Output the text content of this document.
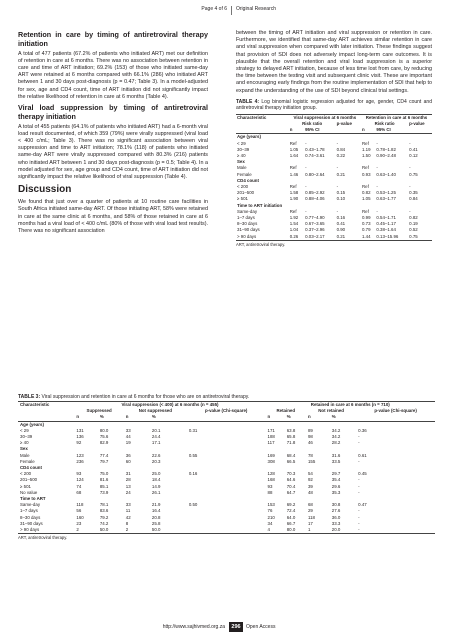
Page 4 of 6 Original Research
Retention in care by timing of antiretroviral therapy initiation

A total of 477 patients (67.2% of patients who initiated ART) met our definition of retention in care at 6 months. There was no association between retention in care and time of ART initiation; 69.2% (153) of those who initiated same-day ART were retained at 6 months compared with 66.1% (286) who initiated ART between 1 and 30 days post-diagnosis (p = 0.47; Table 3). In a model-adjusted for sex, age and CD4 count, time of ART initiation did not significantly impact the relative likelihood of retention in care at 6 months (Table 4).

Viral load suppression by timing of antiretroviral therapy initiation

A total of 455 patients (64.1% of patients who initiated ART) had a 6-month viral load result documented, of which 359 (79%) were virally suppressed (viral load < 400 c/mL; Table 3). There was no significant association between viral suppression and time to ART initiation; 78.1% (118) of patients who initiated same-day ART were virally suppressed compared with 80.3% (216) patients who initiated ART between 1 and 30 days post-diagnosis (p = 0.5; Table 4). In a model adjusted for sex, age group and CD4 count, time of ART initiation did not significantly impact the relative likelihood of viral suppression (Table 4).

Discussion

We found that just over a quarter of patients at 10 routine care facilities in South Africa initiated same-day ART. Of those initiating ART, 58% were retained in care at the same clinic at 6 months, and 58% of those retained in care at 6 months had a viral load of < 400 c/mL (80% of those with viral load test results). There was no significant association

between the timing of ART initiation and viral suppression or retention in care. Furthermore, we identified that same-day ART achieves similar retention in care and viral suppression when compared with later initiation. These findings suggest that provision of SDI does not adversely impact long-term care outcomes. It is plausible that the overall retention and viral load suppression is a superior strategy to delayed ART initiation, because of less time lost from care, by reducing the time between the testing visit and subsequent clinic visit. These are important and encouraging early findings from the routine implementation of SDI that help to expand the understanding of the use of SDI beyond clinical trial settings.

TABLE 4: Log binomial logistic regression adjusted for age, gender, CD4 count and antiretroviral therapy initiation group.
Characteristic	Viral suppression at 6 months			Retention in care at 6 months		
	Risk ratio		p-value	Risk ratio		p-value
	n	95% CI		n	95% CI	
Age (years)						
< 29	Ref	-	-	Ref	-	-
30–39	1.05	0.43–1.78	0.84	1.19	0.78–1.82	0.41
≥ 40	1.64	0.74–3.61	0.22	1.50	0.90–2.48	0.12
Sex						
Male	Ref	-	-	Ref	-	-
Female	1.46	0.80–2.64	0.21	0.93	0.63–1.40	0.75
CD4 count						
< 200	Ref	-	-	Ref	-	-
201–500	1.58	0.85–2.92	0.15	0.82	0.53–1.25	0.35
≥ 501	1.90	0.88–4.06	0.10	1.05	0.63–1.77	0.84
Time to ART initiation						
Same-day	Ref	-	-	Ref	-	-
1–7 days	1.92	0.77–4.90	0.16	0.99	0.54–1.71	0.82
8–30 days	1.54	0.67–3.65	0.41	0.73	0.45–1.17	0.19
31–90 days	1.04	0.37–2.96	0.90	0.79	0.38–1.64	0.52
> 90 days	0.26	0.03–2.17	0.21	1.44	0.13–15.96	0.75
ART, antiretroviral therapy.
TABLE 3: Viral suppression and retention in care at 6 months for those who are on antiretroviral therapy.
Characteristic	Viral suppression (< 400) at 6 months (n = 455)					Retained in care at 6 months (n = 710)				
	Suppressed		Not suppressed		p-value (Chi-square)	Retained		Not retained		p-value (Chi-square)
	n	%	n	%		n	%	n	%	
Age (years)										
< 29	131	80.0	33	20.1	0.31	171	63.8	89	34.2	0.36
30–39	136	75.6	44	24.4		188	65.8	98	34.2	-
≥ 40	92	82.9	19	17.1		117	71.8	46	28.2	-
Sex										
Male	123	77.4	36	22.6	0.55	169	68.4	78	31.6	0.61
Female	236	79.7	60	20.3		308	66.5	155	33.5	-
CD4 count										
< 200	93	75.0	31	25.0	0.16	128	70.3	54	29.7	0.45
201–500	124	81.6	28	18.4		168	64.6	92	35.4	-
≥ 501	74	85.1	13	14.9		93	70.4	39	29.6	-
No value	68	73.9	24	26.1		88	64.7	48	35.3	-
Time to ART										
Same-day	118	78.1	33	21.9	0.50	153	69.2	68	30.8	0.47
1–7 days	56	83.6	11	16.4		76	72.4	29	27.6	-
8–30 days	160	79.2	42	20.8		210	64.0	118	36.0	-
31–90 days	23	74.2	8	25.8		34	66.7	17	33.3	-
> 90 days	2	50.0	2	50.0		4	80.0	1	20.0	-
ART, antiretroviral therapy.
http://www.sajhivmed.org.za	296	Open Access
